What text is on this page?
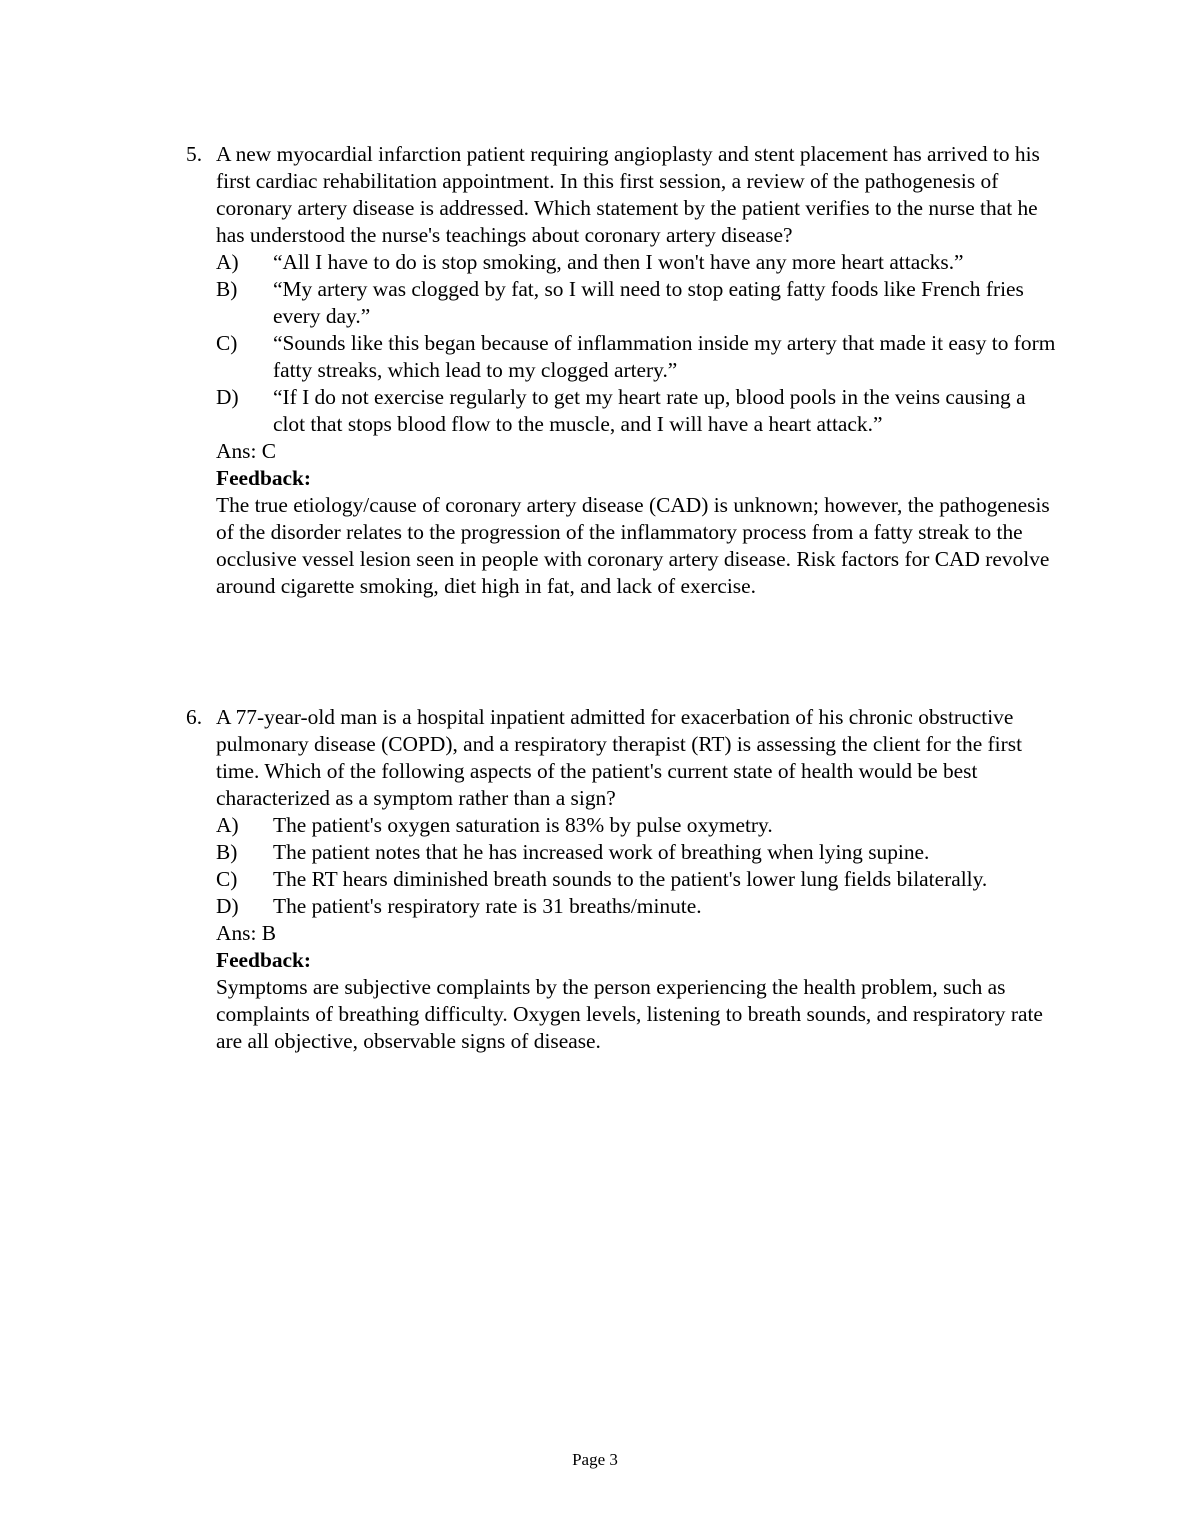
5. A new myocardial infarction patient requiring angioplasty and stent placement has arrived to his first cardiac rehabilitation appointment. In this first session, a review of the pathogenesis of coronary artery disease is addressed. Which statement by the patient verifies to the nurse that he has understood the nurse's teachings about coronary artery disease?
A)	“All I have to do is stop smoking, and then I won't have any more heart attacks.”
B)	“My artery was clogged by fat, so I will need to stop eating fatty foods like French fries every day.”
C)	“Sounds like this began because of inflammation inside my artery that made it easy to form fatty streaks, which lead to my clogged artery.”
D)	“If I do not exercise regularly to get my heart rate up, blood pools in the veins causing a clot that stops blood flow to the muscle, and I will have a heart attack.”
Ans: C
Feedback:
The true etiology/cause of coronary artery disease (CAD) is unknown; however, the pathogenesis of the disorder relates to the progression of the inflammatory process from a fatty streak to the occlusive vessel lesion seen in people with coronary artery disease. Risk factors for CAD revolve around cigarette smoking, diet high in fat, and lack of exercise.
6. A 77-year-old man is a hospital inpatient admitted for exacerbation of his chronic obstructive pulmonary disease (COPD), and a respiratory therapist (RT) is assessing the client for the first time. Which of the following aspects of the patient's current state of health would be best characterized as a symptom rather than a sign?
A)	The patient's oxygen saturation is 83% by pulse oxymetry.
B)	The patient notes that he has increased work of breathing when lying supine.
C)	The RT hears diminished breath sounds to the patient's lower lung fields bilaterally.
D)	The patient's respiratory rate is 31 breaths/minute.
Ans: B
Feedback:
Symptoms are subjective complaints by the person experiencing the health problem, such as complaints of breathing difficulty. Oxygen levels, listening to breath sounds, and respiratory rate are all objective, observable signs of disease.
Page 3
